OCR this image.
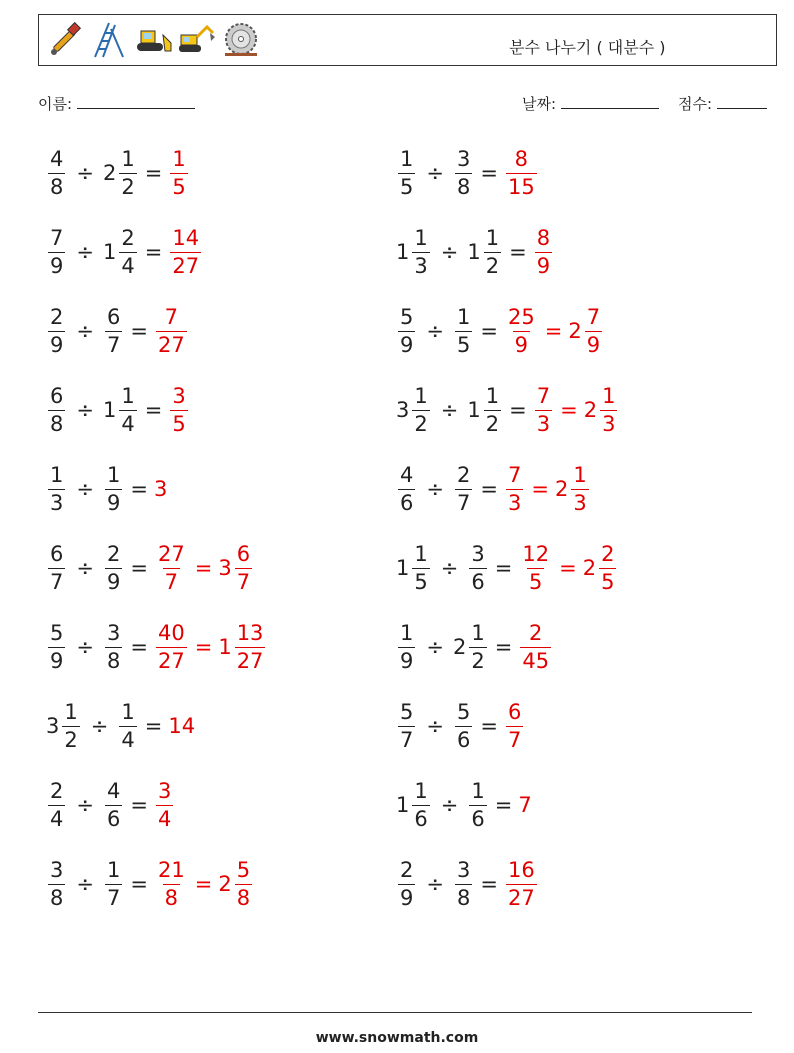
분수 나누기 ( 대분수 )
이름:	날짜:	점수:
$\frac{4}{8} \div 2 \frac{1}{2} = \frac{1}{5}$	$\frac{1}{5} \div \frac{3}{8} = \frac{8}{15}$
$\frac{7}{9} \div 1 \frac{2}{4} = \frac{14}{27}$	$1 \frac{1}{3} \div 1 \frac{1}{2} = \frac{8}{9}$
$\frac{2}{9} \div \frac{6}{7} = \frac{7}{27}$	$\frac{5}{9} \div \frac{1}{5} = \frac{25}{9} = 2 \frac{7}{9}$
$\frac{6}{8} \div 1 \frac{1}{4} = \frac{3}{5}$	$3 \frac{1}{2} \div 1 \frac{1}{2} = \frac{7}{3} = 2 \frac{1}{3}$
$\frac{1}{3} \div \frac{1}{9} = 3$	$\frac{4}{6} \div \frac{2}{7} = \frac{7}{3} = 2 \frac{1}{3}$
$\frac{6}{7} \div \frac{2}{9} = \frac{27}{7} = 3 \frac{6}{7}$	$1 \frac{1}{5} \div \frac{3}{6} = \frac{12}{5} = 2 \frac{2}{5}$
$\frac{5}{9} \div \frac{3}{8} = \frac{40}{27} = 1 \frac{13}{27}$	$\frac{1}{9} \div 2 \frac{1}{2} = \frac{2}{45}$
$3 \frac{1}{2} \div \frac{1}{4} = 14$	$\frac{5}{7} \div \frac{5}{6} = \frac{6}{7}$
$\frac{2}{4} \div \frac{4}{6} = \frac{3}{4}$	$1 \frac{1}{6} \div \frac{1}{6} = 7$
$\frac{3}{8} \div \frac{1}{7} = \frac{21}{8} = 2 \frac{5}{8}$	$\frac{2}{9} \div \frac{3}{8} = \frac{16}{27}$
www.snowmath.com
